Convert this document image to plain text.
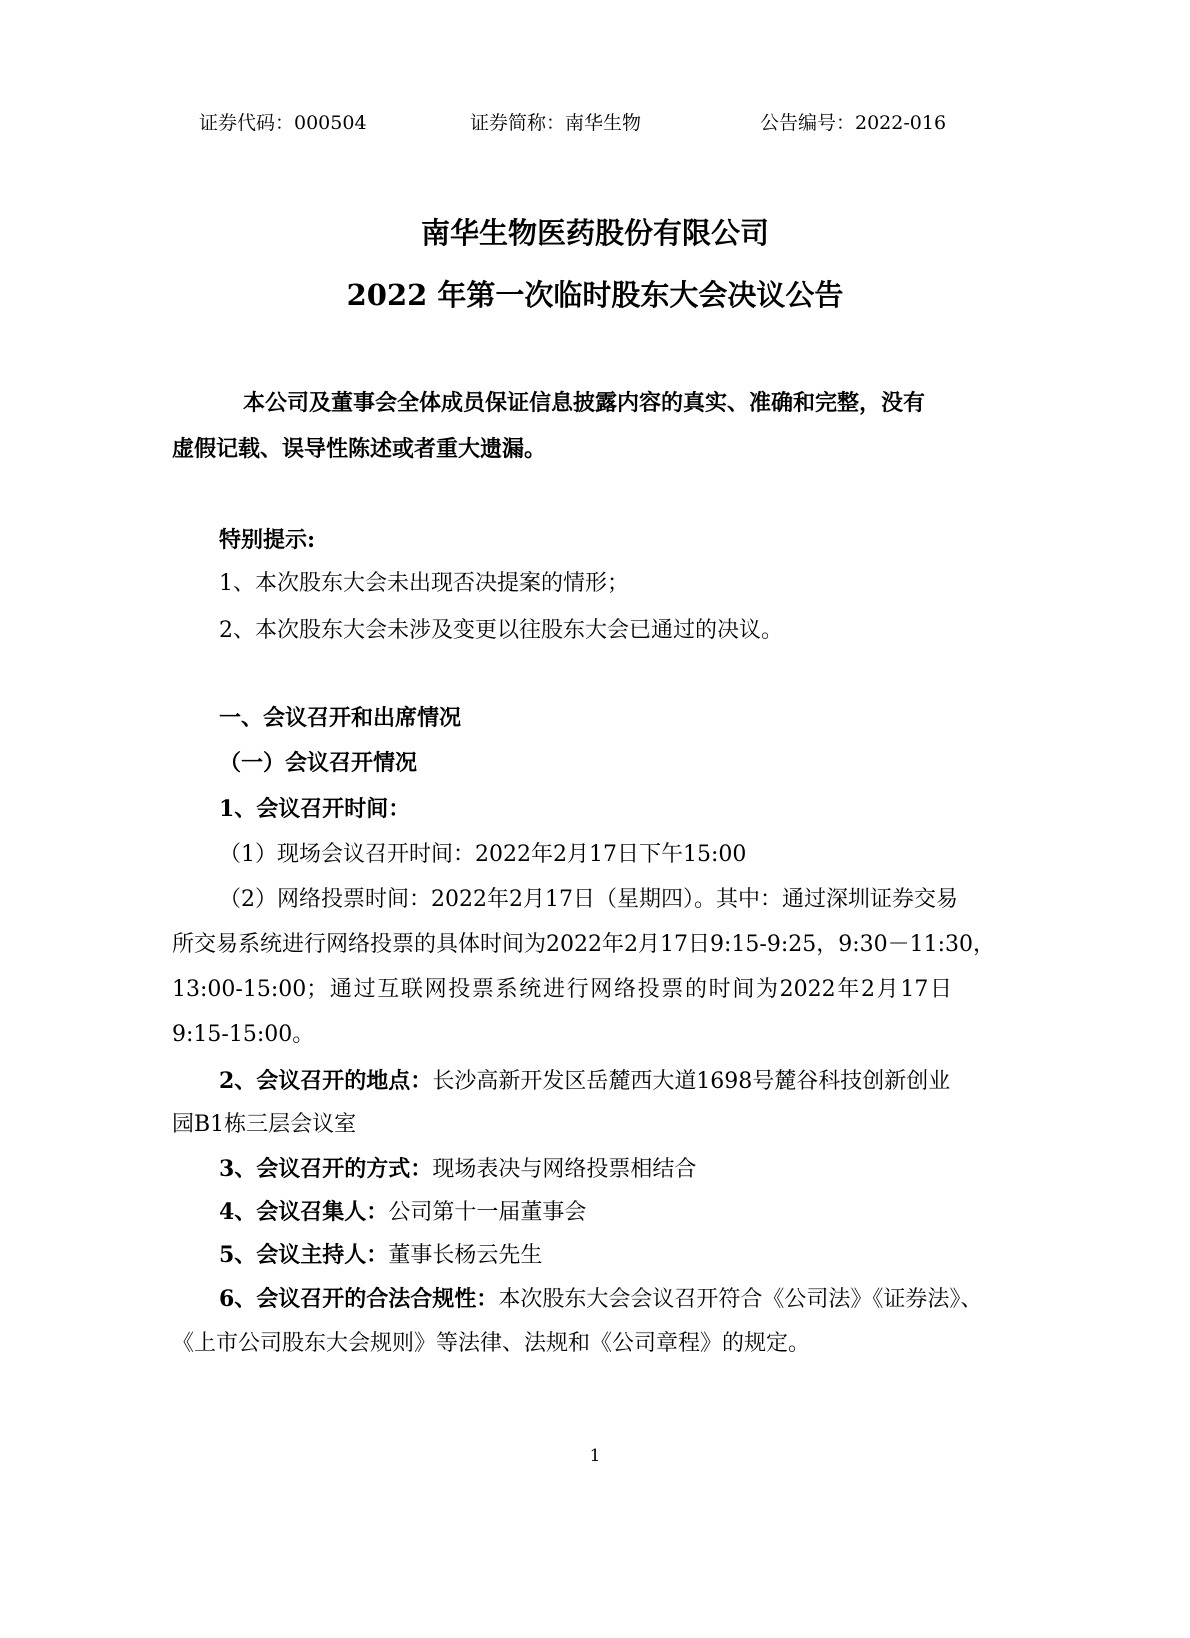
证券代码：000504	证券简称：南华生物	公告编号：2022-016
南华生物医药股份有限公司
2022 年第一次临时股东大会决议公告
本公司及董事会全体成员保证信息披露内容的真实、准确和完整，没有
虚假记载、误导性陈述或者重大遗漏。
特别提示:
1、本次股东大会未出现否决提案的情形；
2、本次股东大会未涉及变更以往股东大会已通过的决议。
一、会议召开和出席情况
（一）会议召开情况
1、会议召开时间：
（1）现场会议召开时间：2022年2月17日下午15:00
（2）网络投票时间：2022年2月17日（星期四）。其中：通过深圳证券交易
所交易系统进行网络投票的具体时间为2022年2月17日9:15-9:25，9:30－11:30，
13:00-15:00；通过互联网投票系统进行网络投票的时间为2022年2月17日
9:15-15:00。
2、会议召开的地点：长沙高新开发区岳麓西大道1698号麓谷科技创新创业
园B1栋三层会议室
3、会议召开的方式：现场表决与网络投票相结合
4、会议召集人：公司第十一届董事会
5、会议主持人：董事长杨云先生
6、会议召开的合法合规性：本次股东大会会议召开符合《公司法》《证券法》、
《上市公司股东大会规则》等法律、法规和《公司章程》的规定。
1
